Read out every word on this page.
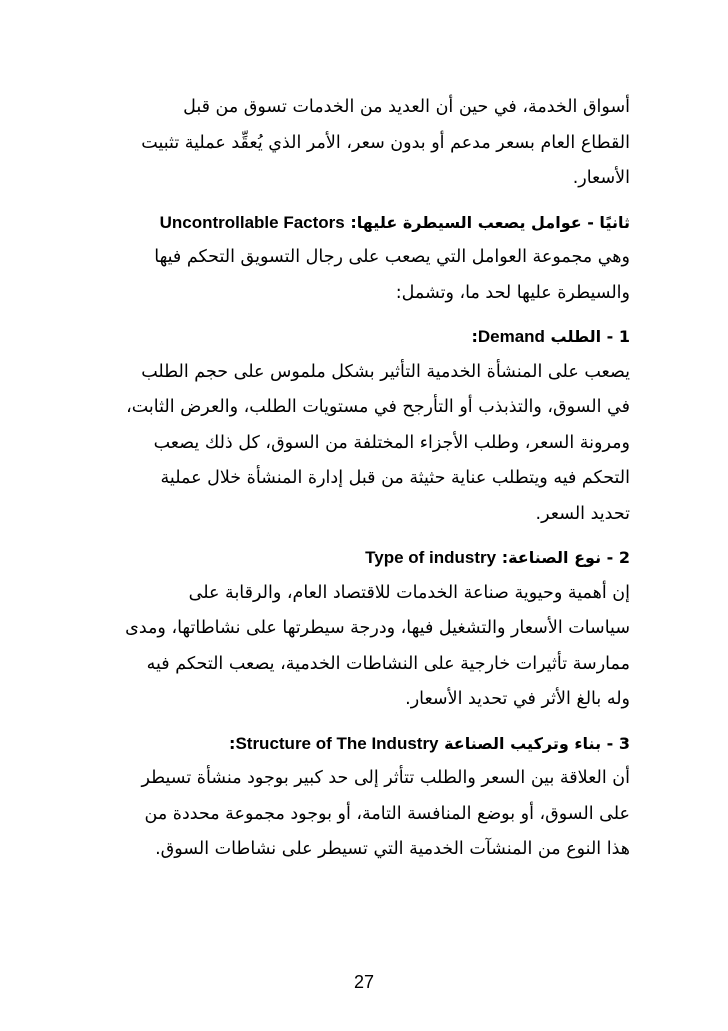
أسواق الخدمة، في حين أن العديد من الخدمات تسوق من قبل
القطاع العام بسعر مدعم أو بدون سعر، الأمر الذي يُعقِّد عملية تثبيت
الأسعار.
ثانيًا - عوامل يصعب السيطرة عليها: Uncontrollable Factors
وهي مجموعة العوامل التي يصعب على رجال التسويق التحكم فيها
والسيطرة عليها لحد ما، وتشمل:
1 - الطلب Demand:
يصعب على المنشأة الخدمية التأثير بشكل ملموس على حجم الطلب
في السوق، والتذبذب أو التأرجح في مستويات الطلب، والعرض الثابت،
ومرونة السعر، وطلب الأجزاء المختلفة من السوق، كل ذلك يصعب
التحكم فيه ويتطلب عناية حثيثة من قبل إدارة المنشأة خلال عملية
تحديد السعر.
2 - نوع الصناعة: Type of industry
إن أهمية وحيوية صناعة الخدمات للاقتصاد العام، والرقابة على
سياسات الأسعار والتشغيل فيها، ودرجة سيطرتها على نشاطاتها، ومدى
ممارسة تأثيرات خارجية على النشاطات الخدمية، يصعب التحكم فيه
وله بالغ الأثر في تحديد الأسعار.
3 - بناء وتركيب الصناعة Structure of The Industry:
أن العلاقة بين السعر والطلب تتأثر إلى حد كبير بوجود منشأة تسيطر
على السوق، أو بوضع المنافسة التامة، أو بوجود مجموعة محددة من
هذا النوع من المنشآت الخدمية التي تسيطر على نشاطات السوق.
27
